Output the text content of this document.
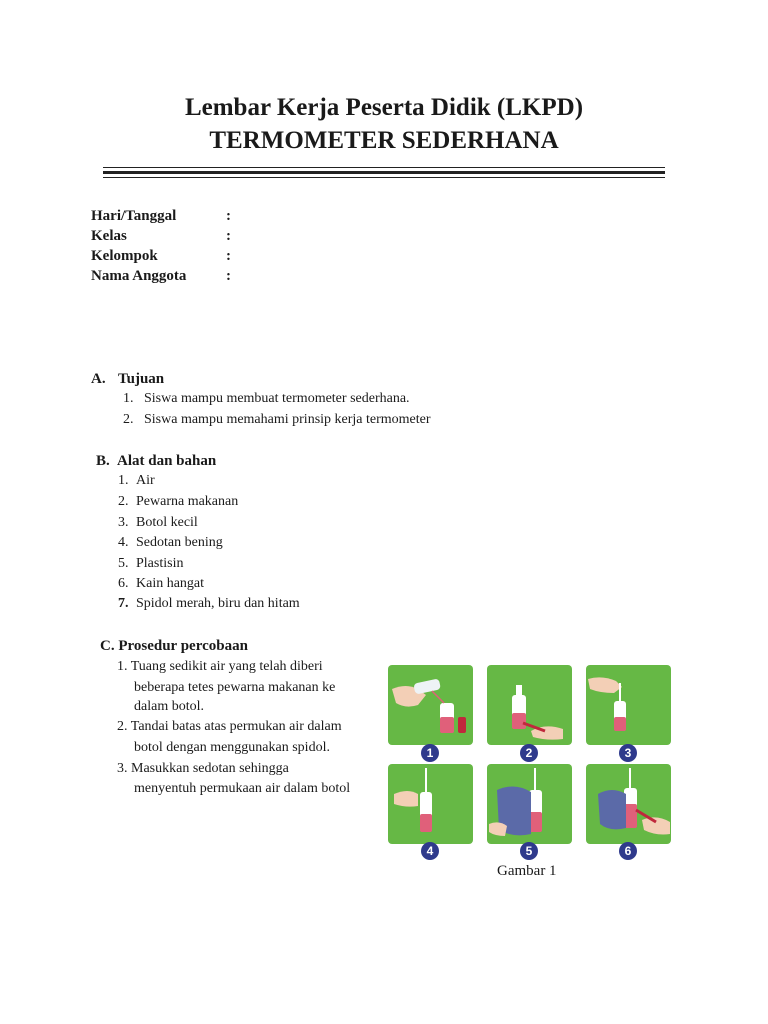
Lembar Kerja Peserta Didik (LKPD)
TERMOMETER SEDERHANA
Hari/Tanggal	:
Kelas	:
Kelompok	:
Nama Anggota	:
A. Tujuan
1. Siswa mampu membuat termometer sederhana.
2. Siswa mampu memahami prinsip kerja termometer
B. Alat dan bahan
1. Air
2. Pewarna makanan
3. Botol kecil
4. Sedotan bening
5. Plastisin
6. Kain hangat
7. Spidol merah, biru dan hitam
C. Prosedur percobaan
1. Tuang sedikit air yang telah diberi
beberapa tetes pewarna makanan ke
dalam botol.
2. Tandai batas atas permukan air dalam
botol dengan menggunakan spidol.
3. Masukkan sedotan sehingga
menyentuh permukaan air dalam botol
1	2	3
4	5	6
Gambar 1
